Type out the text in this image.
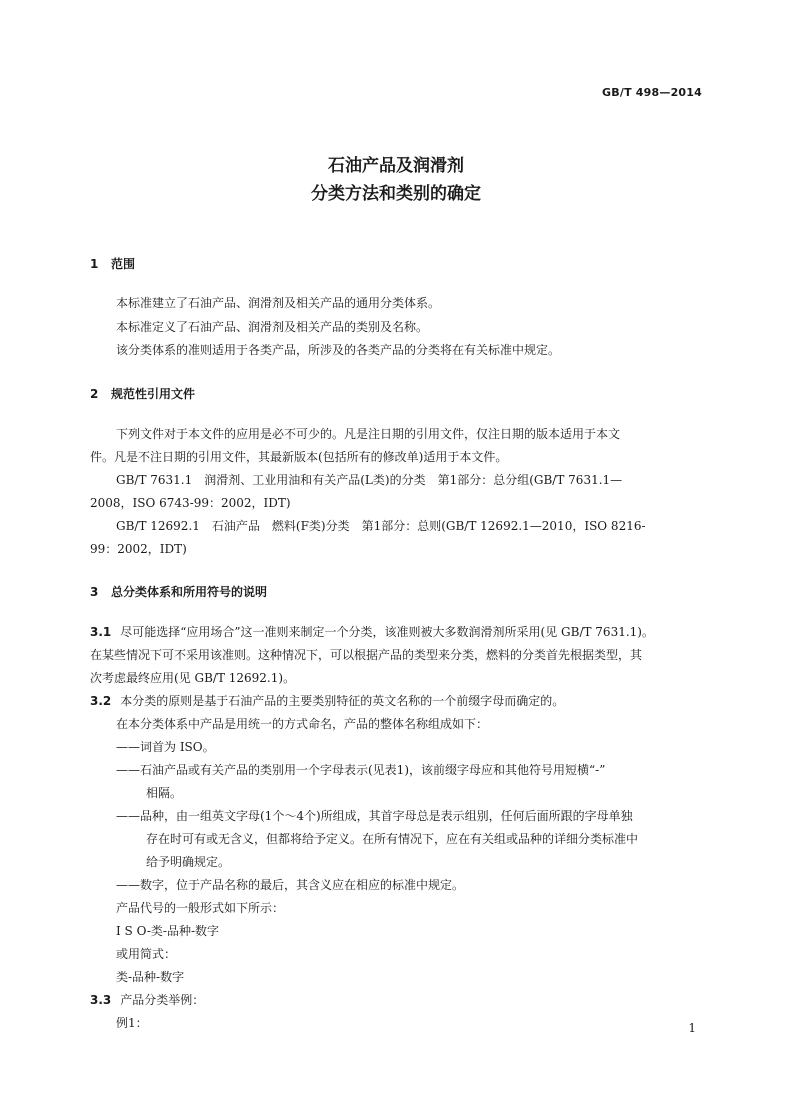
GB/T 498—2014
石油产品及润滑剂
分类方法和类别的确定
1 范围
本标准建立了石油产品、润滑剂及相关产品的通用分类体系。
本标准定义了石油产品、润滑剂及相关产品的类别及名称。
该分类体系的准则适用于各类产品，所涉及的各类产品的分类将在有关标准中规定。
2 规范性引用文件
下列文件对于本文件的应用是必不可少的。凡是注日期的引用文件，仅注日期的版本适用于本文
件。凡是不注日期的引用文件，其最新版本(包括所有的修改单)适用于本文件。
GB/T 7631.1　润滑剂、工业用油和有关产品(L类)的分类　第1部分：总分组(GB/T 7631.1—
2008，ISO 6743-99：2002，IDT)
GB/T 12692.1　石油产品　燃料(F类)分类　第1部分：总则(GB/T 12692.1—2010，ISO 8216-
99：2002，IDT)
3 总分类体系和所用符号的说明
3.1 尽可能选择“应用场合”这一准则来制定一个分类，该准则被大多数润滑剂所采用(见 GB/T 7631.1)。
在某些情况下可不采用该准则。这种情况下，可以根据产品的类型来分类，燃料的分类首先根据类型，其
次考虑最终应用(见 GB/T 12692.1)。
3.2 本分类的原则是基于石油产品的主要类别特征的英文名称的一个前缀字母而确定的。
在本分类体系中产品是用统一的方式命名，产品的整体名称组成如下：
——词首为 ISO。
——石油产品或有关产品的类别用一个字母表示(见表1)，该前缀字母应和其他符号用短横“-”
相隔。
——品种，由一组英文字母(1个～4个)所组成，其首字母总是表示组别，任何后面所跟的字母单独
存在时可有或无含义，但都将给予定义。在所有情况下，应在有关组或品种的详细分类标准中
给予明确规定。
——数字，位于产品名称的最后，其含义应在相应的标准中规定。
产品代号的一般形式如下所示：
I S O-类-品种-数字
或用简式：
类-品种-数字
3.3 产品分类举例：
例1：	1
